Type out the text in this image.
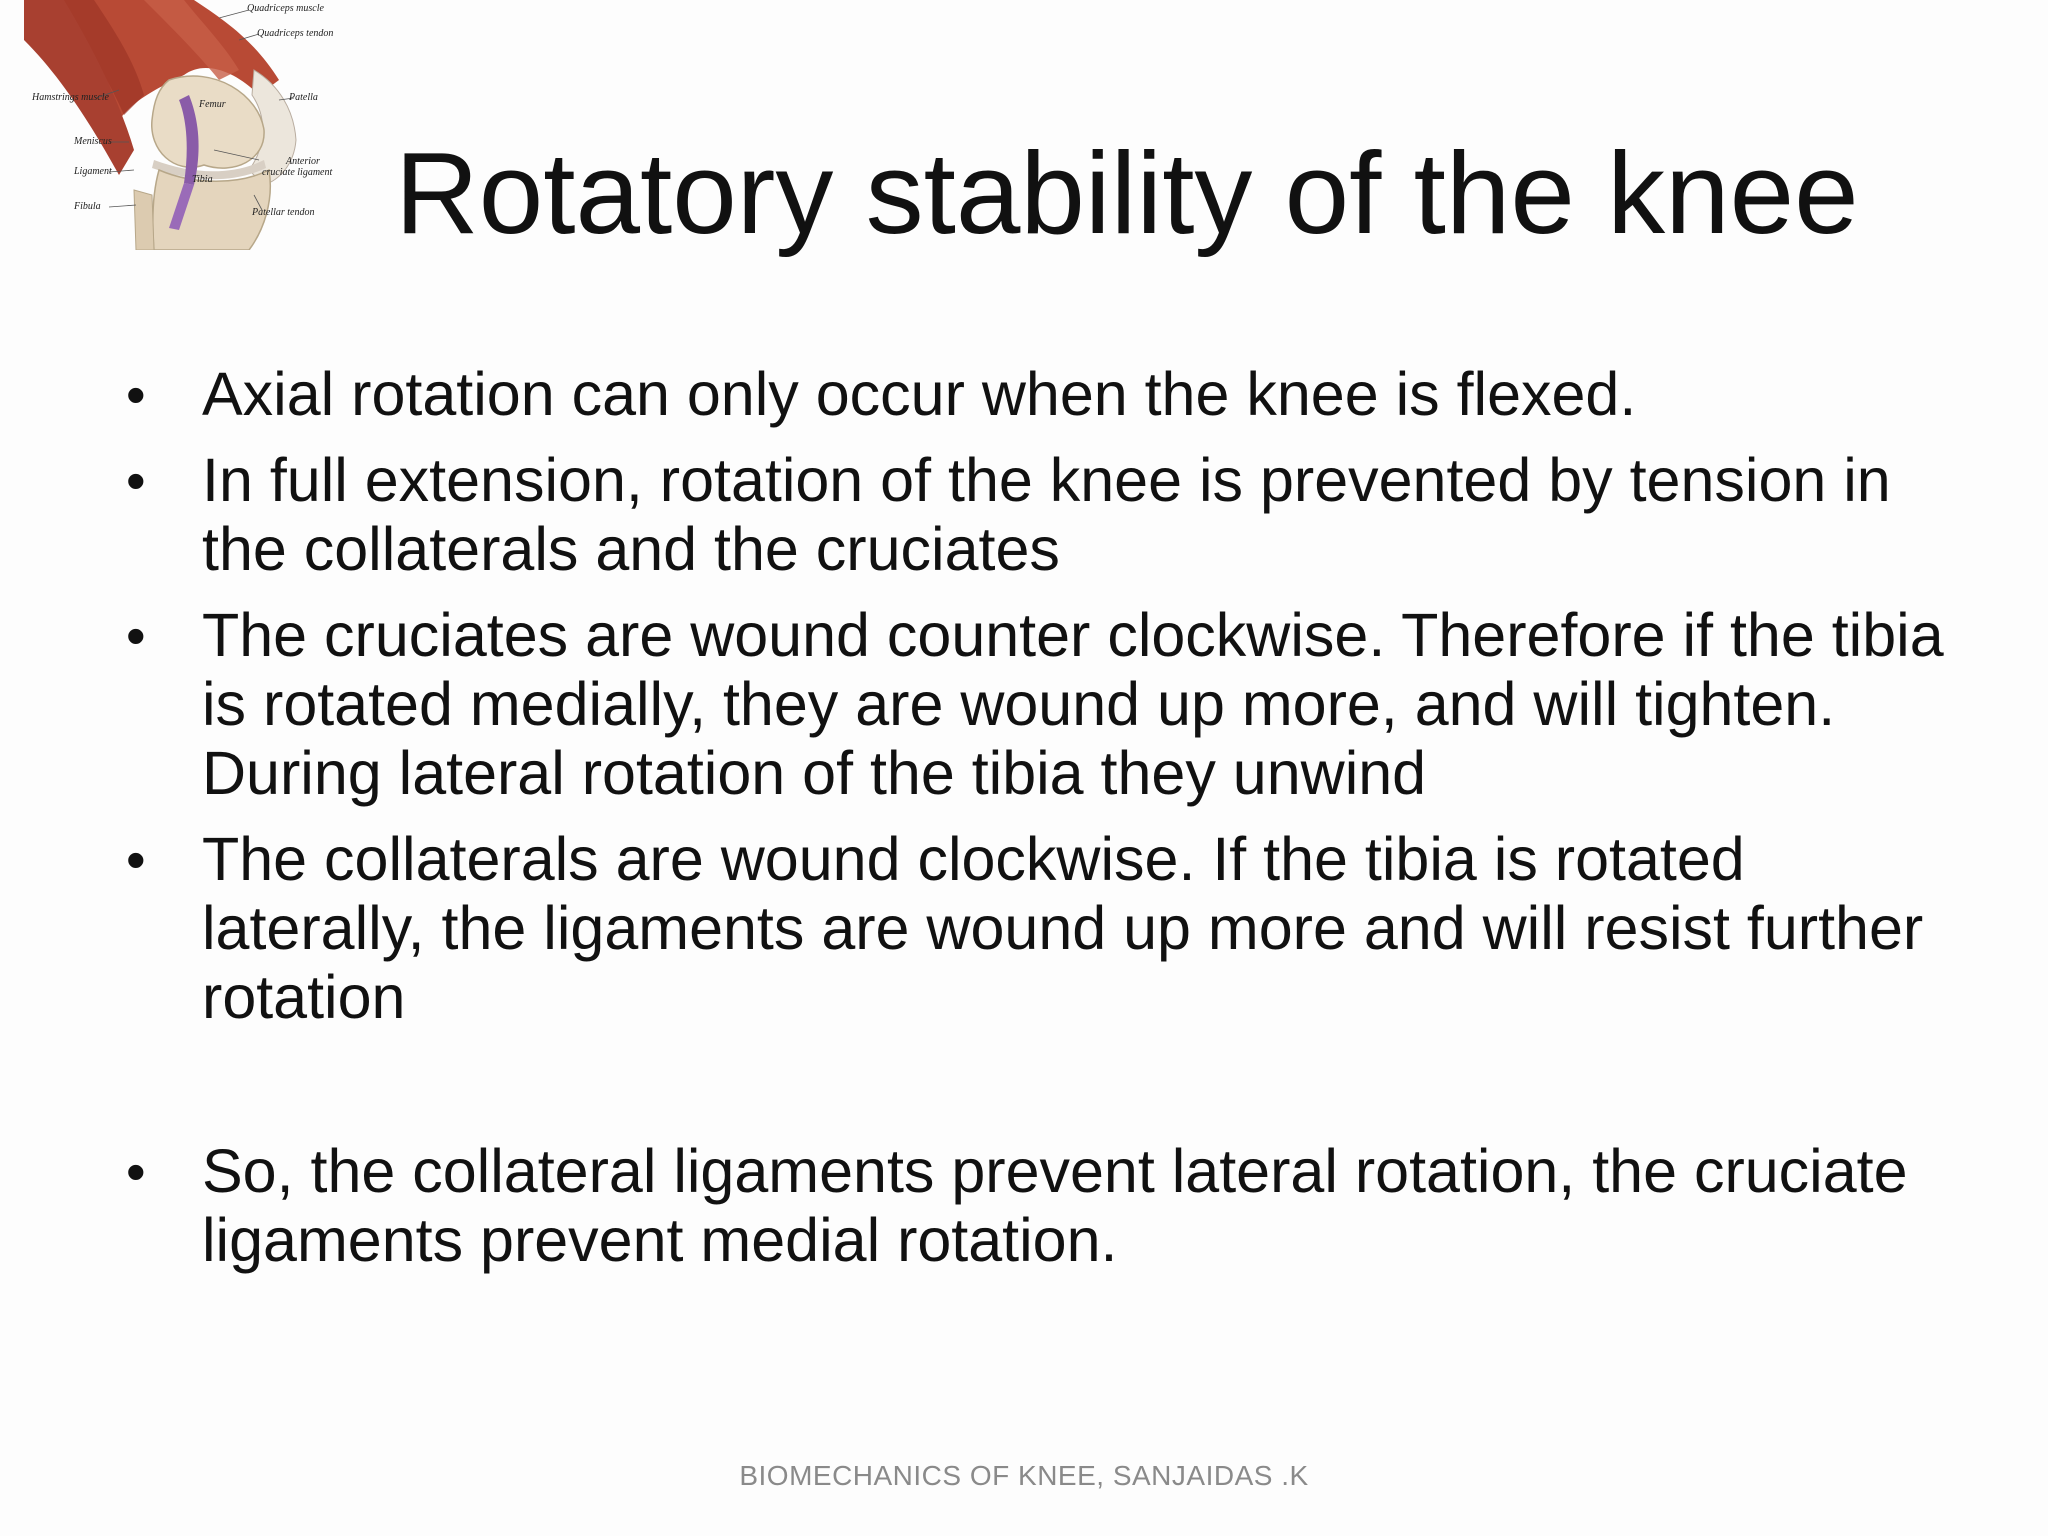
Quadriceps muscle
Quadriceps tendon
Hamstrings muscle	Patella
Femur
Meniscus
Anterior
cruciate ligament
Ligament
Tibia
Fibula
Patellar tendon Rotatory stability of the knee
• Axial rotation can only occur when the knee is flexed.
• In full extension, rotation of the knee is prevented by tension in the collaterals and the cruciates
• The cruciates are wound counter clockwise. Therefore if the tibia is rotated medially, they are wound up more, and will tighten. During lateral rotation of the tibia they unwind
• The collaterals are wound clockwise. If the tibia is rotated laterally, the ligaments are wound up more and will resist further rotation
• So, the collateral ligaments prevent lateral rotation, the cruciate ligaments prevent medial rotation.
BIOMECHANICS OF KNEE, SANJAIDAS .K
